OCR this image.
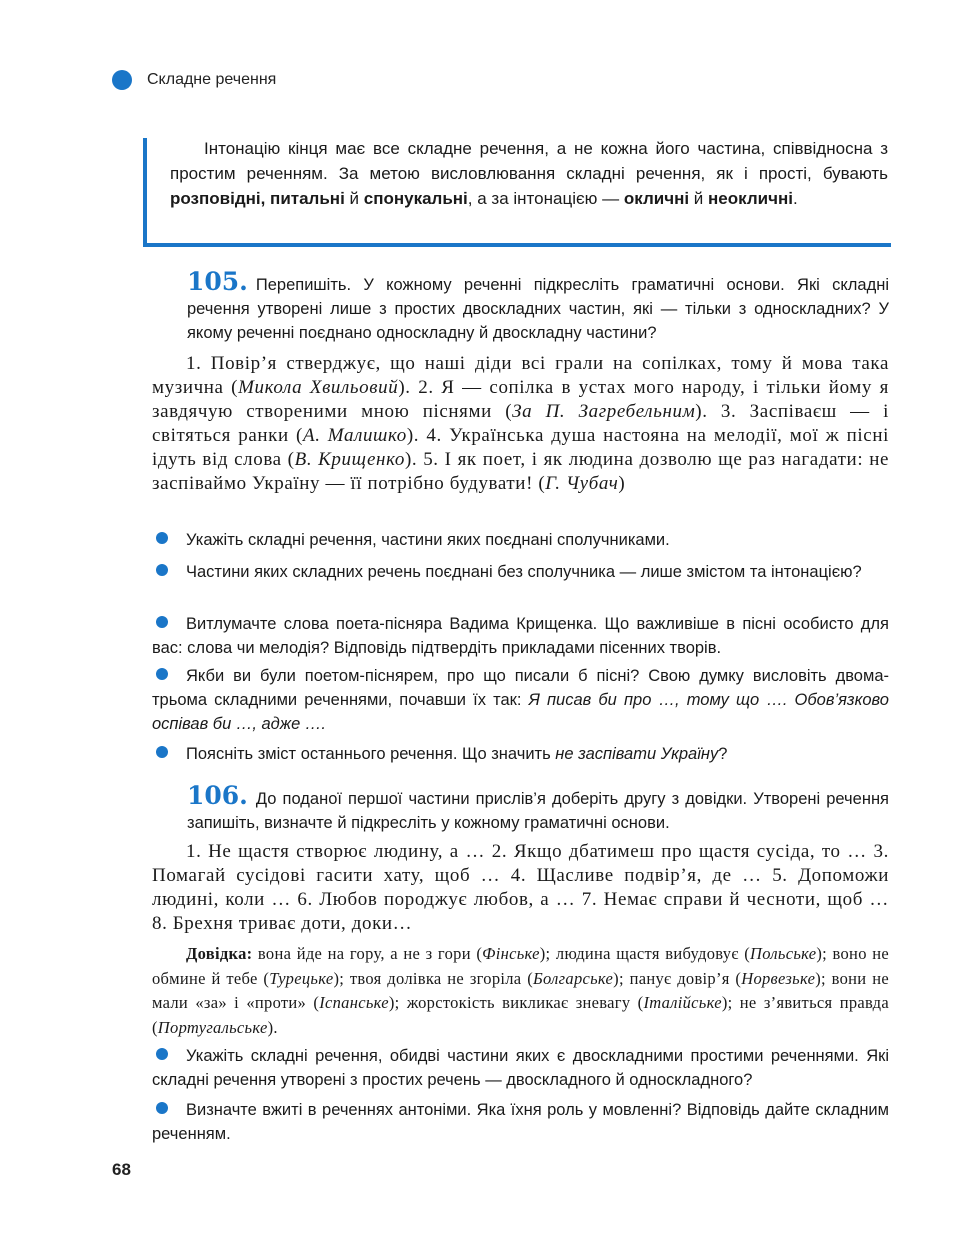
Складне речення
Інтонацію кінця має все складне речення, а не кожна його частина, співвідносна з простим реченням. За метою висловлювання складні речення, як і прості, бувають розповідні, питальні й спонукальні, а за інтонацією — окличні й неокличні.
105. Перепишіть. У кожному реченні підкресліть граматичні основи. Які складні речення утворені лише з простих двоскладних частин, які — тільки з односкладних? У якому реченні поєднано односкладну й двоскладну частини?
1. Повір’я стверджує, що наші діди всі грали на сопілках, тому й мова така музична (Микола Хвильовий). 2. Я — сопілка в устах мого народу, і тільки йому я завдячую створеними мною піснями (За П. Загребельним). 3. Заспіваєш — і світяться ранки (А. Малишко). 4. Українська душа настояна на мелодії, мої ж пісні ідуть від слова (В. Крищенко). 5. І як поет, і як людина дозволю ще раз нагадати: не заспіваймо Україну — її потрібно будувати! (Г. Чубач)
Укажіть складні речення, частини яких поєднані сполучниками.
Частини яких складних речень поєднані без сполучника — лише змістом та інтонацією?
Витлумачте слова поета-пісняра Вадима Крищенка. Що важливіше в пісні особисто для вас: слова чи мелодія? Відповідь підтвердіть прикладами пісенних творів.
Якби ви були поетом-піснярем, про що писали б пісні? Свою думку висловіть двома-трьома складними реченнями, почавши їх так: Я писав би про …, тому що …. Обов’язково оспівав би …, адже ….
Поясніть зміст останнього речення. Що значить не заспівати Україну?
106. До поданої першої частини прислів’я доберіть другу з довідки. Утворені речення запишіть, визначте й підкресліть у кожному граматичні основи.
1. Не щастя створює людину, а … 2. Якщо дбатимеш про щастя сусіда, то … 3. Помагай сусідові гасити хату, щоб … 4. Щасливе подвір’я, де … 5. Допоможи людині, коли … 6. Любов породжує любов, а … 7. Немає справи й чесноти, щоб … 8. Брехня триває доти, доки…
Довідка: вона йде на гору, а не з гори (Фінське); людина щастя вибудовує (Польське); воно не обмине й тебе (Турецьке); твоя долівка не згоріла (Болгарське); панує довір’я (Норвезьке); вони не мали «за» і «проти» (Іспанське); жорстокість викликає зневагу (Італійське); не з’явиться правда (Португальське).
Укажіть складні речення, обидві частини яких є двоскладними простими реченнями. Які складні речення утворені з простих речень — двоскладного й односкладного?
Визначте вжиті в реченнях антоніми. Яка їхня роль у мовленні? Відповідь дайте складним реченням.
68
